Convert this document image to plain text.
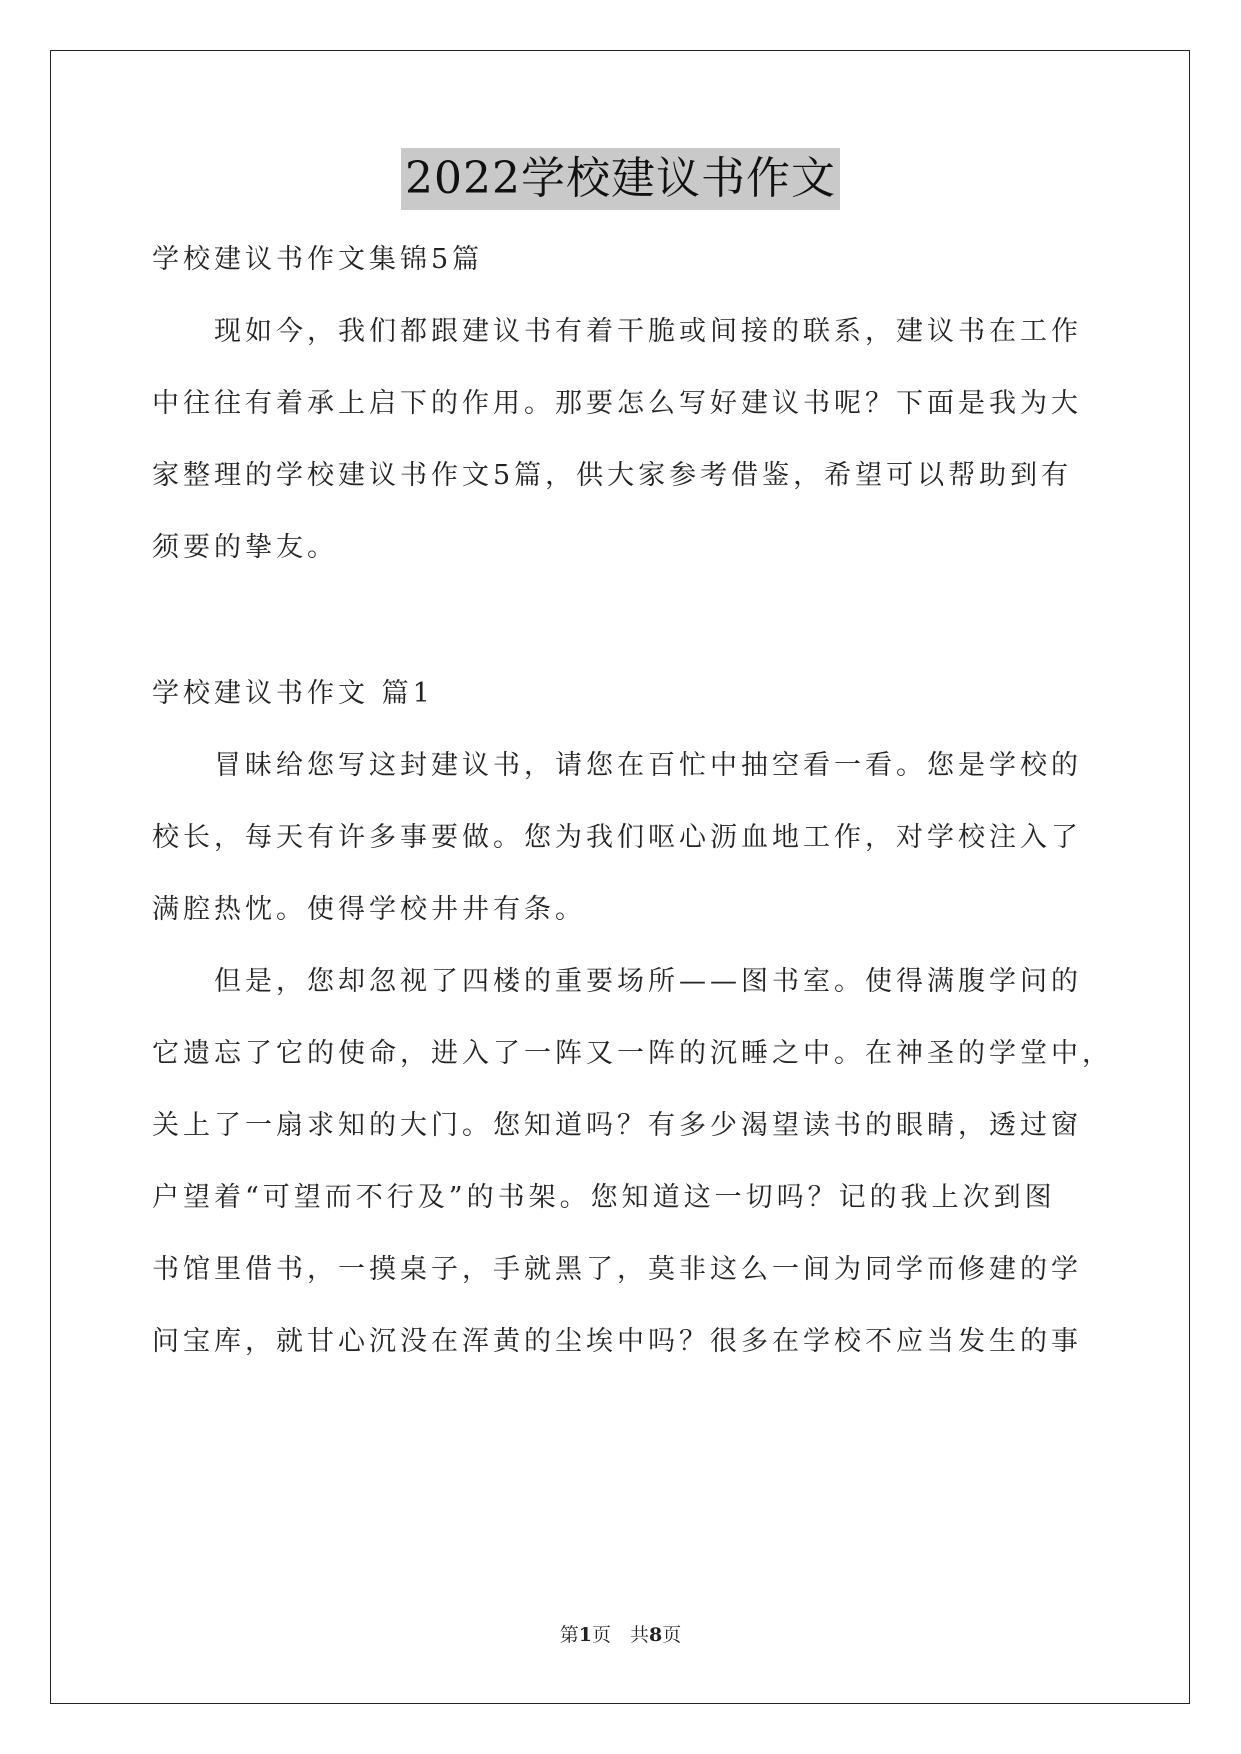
2022学校建议书作文
学校建议书作文集锦5篇
现如今，我们都跟建议书有着干脆或间接的联系，建议书在工作
中往往有着承上启下的作用。那要怎么写好建议书呢？下面是我为大
家整理的学校建议书作文5篇，供大家参考借鉴，希望可以帮助到有
须要的挚友。
学校建议书作文 篇1
冒昧给您写这封建议书，请您在百忙中抽空看一看。您是学校的
校长，每天有许多事要做。您为我们呕心沥血地工作，对学校注入了
满腔热忱。使得学校井井有条。
但是，您却忽视了四楼的重要场所——图书室。使得满腹学问的
它遗忘了它的使命，进入了一阵又一阵的沉睡之中。在神圣的学堂中，
关上了一扇求知的大门。您知道吗？有多少渴望读书的眼睛，透过窗
户望着“可望而不行及”的书架。您知道这一切吗？记的我上次到图
书馆里借书，一摸桌子，手就黑了，莫非这么一间为同学而修建的学
问宝库，就甘心沉没在浑黄的尘埃中吗？很多在学校不应当发生的事
第1页　共8页
